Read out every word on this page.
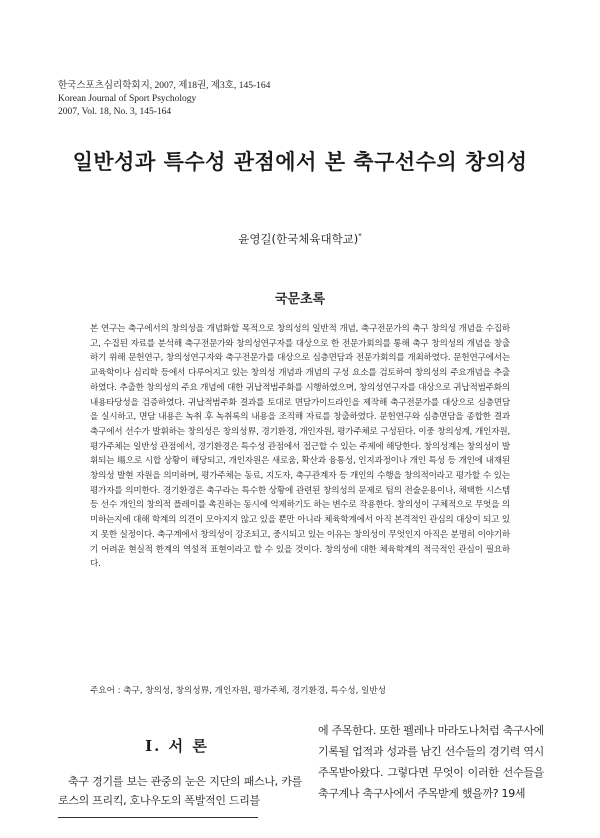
한국스포츠심리학회지, 2007, 제18권, 제3호, 145-164
Korean Journal of Sport Psychology
2007, Vol. 18, No. 3, 145-164
일반성과 특수성 관점에서 본 축구선수의 창의성
윤영길(한국체육대학교)*
국문초록

본 연구는 축구에서의 창의성을 개념화할 목적으로 창의성의 일반적 개념, 축구전문가의 축구 창의성 개념을 수집하고, 수집된 자료를 분석해 축구전문가와 창의성연구자를 대상으로 한 전문가회의를 통해 축구 창의성의 개념을 창출하기 위해 문헌연구, 창의성연구자와 축구전문가를 대상으로 심층면담과 전문가회의를 개최하였다. 문헌연구에서는 교육학이나 심리학 등에서 다루어지고 있는 창의성 개념과 개념의 구성 요소를 검토하여 창의성의 주요개념을 추출하였다. 추출한 창의성의 주요 개념에 대한 귀납적범주화를 시행하였으며, 창의성연구자를 대상으로 귀납적범주화의 내용타당성을 검증하였다. 귀납적범주화 결과를 토대로 면담가이드라인을 제작해 축구전문가를 대상으로 심층면담을 실시하고, 면담 내용은 녹취 후 녹취록의 내용을 조직해 자료를 창출하였다. 문헌연구와 심층면담을 종합한 결과 축구에서 선수가 발휘하는 창의성은 창의성界, 경기환경, 개인자원, 평가주체로 구성된다. 이중 창의성계, 개인자원, 평가주체는 일반성 관점에서, 경기환경은 특수성 관점에서 접근할 수 있는 주제에 해당한다. 창의성계는 창의성이 발휘되는 場으로 시합 상황이 해당되고, 개인자원은 새로움, 확산과 융통성, 인지과정이나 개인 특성 등 개인에 내재된 창의성 발현 자원을 의미하며, 평가주체는 동료, 지도자, 축구관계자 등 개인의 수행을 창의적이라고 평가할 수 있는 평가자를 의미한다. 경기환경은 축구라는 특수한 상황에 관련된 창의성의 문제로 팀의 전술운용이나, 채택한 시스템 등 선수 개인의 창의적 플레이를 촉진하는 동시에 억제하기도 하는 변수로 작용한다. 창의성이 구체적으로 무엇을 의미하는지에 대해 학계의 의견이 모아지지 않고 있을 뿐만 아니라 체육학계에서 아직 본격적인 관심의 대상이 되고 있지 못한 실정이다. 축구계에서 창의성이 강조되고, 중시되고 있는 이유는 창의성이 무엇인지 아직은 분명히 이야기하기 어려운 현실적 한계의 역설적 표현이라고 할 수 있을 것이다. 창의성에 대한 체육학계의 적극적인 관심이 필요하다.

주요어 : 축구, 창의성, 창의성界, 개인자원, 평가주체, 경기환경, 특수성, 일반성
I. 서 론

축구 경기를 보는 관중의 눈은 지단의 패스나, 카를로스의 프리킥, 호나우도의 폭발적인 드리블

에 주목한다. 또한 펠레나 마라도나처럼 축구사에 기록될 업적과 성과를 남긴 선수들의 경기력 역시 주목받아왔다. 그렇다면 무엇이 이러한 선수들을 축구계나 축구사에서 주목받게 했을까? 19세
